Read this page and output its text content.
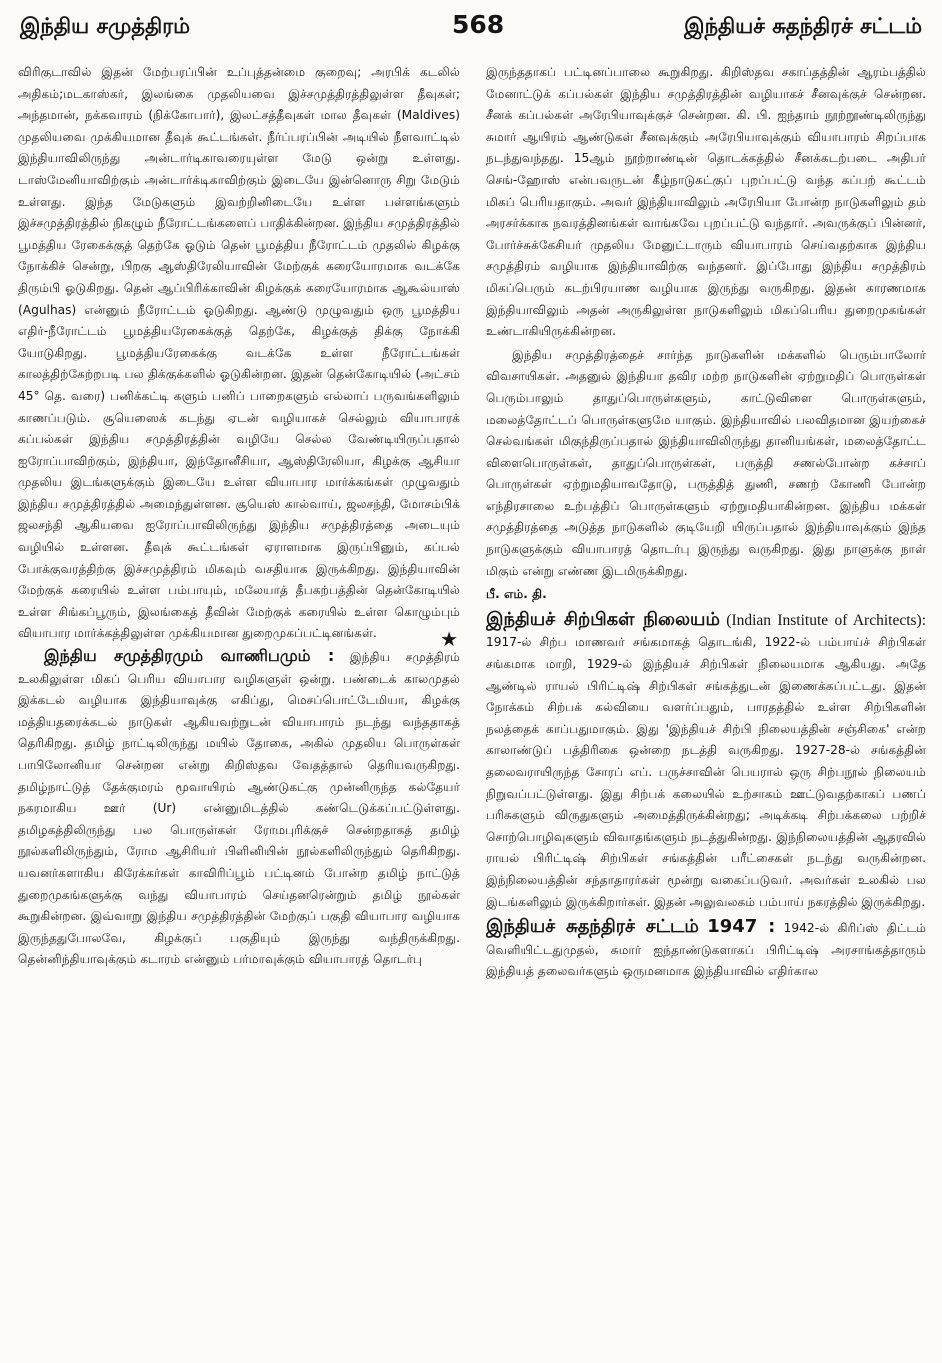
இந்திய சமுத்திரம்	568	இந்தியச் சுதந்திரச் சட்டம்

விரிகுடாவில் இதன் மேற்பரப்பின் உப்புத்தன்மை குறைவு; அரபிக் கடலில் அதிகம்;மடகாஸ்கர், இலங்கை முதலியவை இச்சமுத்திரத்திலுள்ள தீவுகள்; அந்தமான், நக்கவாரம் (நிக்கோபார்), இலட்சத்தீவுகள் மால தீவுகள் (Maldives) முதலியவை முக்கியமான தீவுக் கூட்டங்கள். நீர்ப்பரப்பின் அடியில் நீளவாட்டில் இந்தியாவிலிருந்து அன்டார்டிகாவரையுள்ள மேடு ஒன்று உள்ளது. டாஸ்மேனியாவிற்கும் அன்டார்க்டிகாவிற்கும் இடையே இன்னொரு சிறு மேடும் உள்ளது. இந்த மேடுகளும் இவற்றினிடையே உள்ள பள்ளங்களும் இச்சமுத்திரத்தில் நிகழும் நீரோட்டங்களைப் பாதிக்கின்றன. இந்திய சமுத்திரத்தில் பூமத்திய ரேகைக்குத் தெற்கே ஓடும் தென் பூமத்திய நீரோட்டம் முதலில் கிழக்கு நோக்கிச் சென்று, பிறகு ஆஸ்திரேலியாவின் மேற்குக் கரையோரமாக வடக்கே திரும்பி ஓடுகிறது. தென் ஆப்பிரிக்காவின் கிழக்குக் கரையோரமாக ஆகூல்யாஸ் (Agulhas) என்னும் நீரோட்டம் ஓடுகிறது. ஆண்டு முழுவதும் ஒரு பூமத்திய எதிர்-நீரோட்டம் பூமத்தியரேகைக்குத் தெற்கே, கிழக்குத் திக்கு நோக்கி யோடுகிறது. பூமத்தியரேகைக்கு வடக்கே உள்ள நீரோட்டங்கள் காலத்திற்கேற்றபடி பல திக்குக்களில் ஓடுகின்றன. இதன் தென்கோடியில் (அட்சம் 45° தெ. வரை) பனிக்கட்டி களும் பனிப் பாறைகளும் எல்லாப் பருவங்களிலும் காணப்படும். சூயெஸைக் கடந்து ஏடன் வழியாகச் செல்லும் வியாபாரக் கப்பல்கள் இந்திய சமுத்திரத்தின் வழியே செல்ல வேண்டியிருப்பதால் ஐரோப்பாவிற்கும், இந்தியா, இந்தோனீசியா, ஆஸ்திரேலியா, கிழக்கு ஆசியா முதலிய இடங்களுக்கும் இடையே உள்ள வியாபார மார்க்கங்கள் முழுவதும் இந்திய சமுத்திரத்தில் அமைந்துள்ளன. சூயெஸ் கால்வாய், ஜலசந்தி, மோசம்பிக் ஜலசந்தி ஆகியவை ஐரோப்பாவிலிருந்து இந்திய சமுத்திரத்தை அடையும் வழியில் உள்ளன. தீவுக் கூட்டங்கள் ஏராளமாக இருப்பினும், கப்பல் போக்குவரத்திற்கு இச்சமுத்திரம் மிகவும் வசதியாக இருக்கிறது. இந்தியாவின் மேற்குக் கரையில் உள்ள பம்பாயும், மலேயாத் தீபகற்பத்தின் தென்கோடியில் உள்ள சிங்கப்பூரும், இலங்கைத் தீவின் மேற்குக் கரையில் உள்ள கொழும்பும் வியாபார மார்க்கத்திலுள்ள முக்கியமான துறைமுகப்பட்டினங்கள்.	★

இந்திய சமுத்திரமும் வாணிபமும் : இந்திய சமுத்திரம் உலகிலுள்ள மிகப் பெரிய வியாபார வழிகளுள் ஒன்று. பண்டைக் காலமுதல் இக்கடல் வழியாக இந்தியாவுக்கு எகிப்து, மெசப்பொட்டேமியா, கிழக்கு மத்தியதரைக்கடல் நாடுகள் ஆகியவற்றுடன் வியாபாரம் நடந்து வந்ததாகத் தெரிகிறது. தமிழ் நாட்டிலிருந்து மயில் தோகை, அகில் முதலிய பொருள்கள் பாபிலோனியா சென்றன என்று கிறிஸ்தவ வேதத்தால் தெரியவருகிறது. தமிழ்நாட்டுத் தேக்குமரம் மூவாயிரம் ஆண்டுகட்கு முன்னிருந்த கல்தேயர் நகரமாகிய ஊர் (Ur) என்னுமிடத்தில் கண்டெடுக்கப்பட்டுள்ளது. தமிழகத்திலிருந்து பல பொருள்கள் ரோமபுரிக்குச் சென்றதாகத் தமிழ் நூல்களிலிருந்தும், ரோம ஆசிரியர் பிளினியின் நூல்களிலிருந்தும் தெரிகிறது. யவனர்களாகிய கிரேக்கர்கள் காவிரிப்பூம் பட்டினம் போன்ற தமிழ் நாட்டுத் துறைமுகங்களுக்கு வந்து வியாபாரம் செய்தனரென்றும் தமிழ் நூல்கள் கூறுகின்றன. இவ்வாறு இந்திய சமுத்திரத்தின் மேற்குப் பகுதி வியாபார வழியாக இருந்ததுபோலவே, கிழக்குப் பகுதியும் இருந்து வந்திருக்கிறது. தென்னிந்தியாவுக்கும் கடாரம் என்னும் பர்மாவுக்கும் வியாபாரத் தொடர்பு

இருந்ததாகப் பட்டினப்பாலை கூறுகிறது. கிறிஸ்தவ சகாப்தத்தின் ஆரம்பத்தில் மேனாட்டுக் கப்பல்கள் இந்திய சமுத்திரத்தின் வழியாகச் சீனவுக்குச் சென்றன. சீனக் கப்பல்கள் அரேபியாவுக்குச் சென்றன. கி. பி. ஐந்தாம் நூற்றூண்டிலிருந்து சுமார் ஆயிரம் ஆண்டுகள் சீனவுக்கும் அரேபியாவுக்கும் வியாபாரம் சிறப்பாக நடந்துவந்தது. 15ஆம் நூற்றாண்டின் தொடக்கத்தில் சீனக்கடற்படை அதிபர் செங்-ஹோஸ் என்பவருடன் கீழ்நாடுகட்குப் புறப்பட்டு வந்த கப்பற் கூட்டம் மிகப் பெரியதாகும். அவர் இந்தியாவிலும் அரேபியா போன்ற நாடுகளிலும் தம் அரசர்க்காக நவரத்தினங்கள் வாங்கவே புறப்பட்டு வந்தார். அவருக்குப் பின்னர், போர்ச்சுக்கேசியர் முதலிய மேனுட்டாரும் வியாபாரம் செய்வதற்காக இந்திய சமுத்திரம் வழியாக இந்தியாவிற்கு வந்தனர். இப்போது இந்திய சமுத்திரம் மிகப்பெரும் கடற்பிரயாண வழியாக இருந்து வருகிறது. இதன் காரணமாக இந்தியாவிலும் அதன் அருகிலுள்ள நாடுகளிலும் மிகப்பெரிய துறைமுகங்கள் உண்டாகியிருக்கின்றன.

இந்திய சமுத்திரத்தைச் சார்ந்த நாடுகளின் மக்களில் பெரும்பாலோர் விவசாயிகள். அதனுல் இந்தியா தவிர மற்ற நாடுகளின் ஏற்றுமதிப் பொருள்கள் பெரும்பாலும் தாதுப்பொருள்களும், காட்டுவிளை பொருள்களும், மலைத்தோட்டப் பொருள்களுமே யாகும். இந்தியாவில் பலவிதமான இயற்கைச் செல்வங்கள் மிகுந்திருப்பதால் இந்தியாவிலிருந்து தானியங்கள், மலைத்தோட்ட விளைபொருள்கள், தாதுப்பொருள்கள், பருத்தி சணல்போன்ற கச்சாப் பொருள்கள் ஏற்றுமதியாவதோடு, பருத்தித் துணி, சணற் கோணி போன்ற எந்திரசாலை உற்பத்திப் பொருள்களும் ஏற்றுமதியாகின்றன. இந்திய மக்கள் சமுத்திரத்தை அடுத்த நாடுகளில் குடியேறி யிருப்பதால் இந்தியாவுக்கும் இந்த நாடுகளுக்கும் வியாபாரத் தொடர்பு இருந்து வருகிறது. இது நாளுக்கு நாள் மிகும் என்று எண்ண இடமிருக்கிறது.

பீ. எம். தி.

இந்தியச் சிற்பிகள் நிலையம் (Indian Institute of Architects): 1917-ல் சிற்ப மாணவர் சங்கமாகத் தொடங்கி, 1922-ல் பம்பாய்ச் சிற்பிகள் சங்கமாக மாறி, 1929-ல் இந்தியச் சிற்பிகள் நிலையமாக ஆகியது. அதே ஆண்டில் ராயல் பிரிட்டிஷ் சிற்பிகள் சங்கத்துடன் இணைக்கப்பட்டது. இதன் நோக்கம் சிற்பக் கல்வியை வளர்ப்பதும், பாரதத்தில் உள்ள சிற்பிகளின் நலத்தைக் காப்பதுமாகும். இது 'இந்தியச் சிற்பி நிலையத்தின் சஞ்சிகை' என்ற காலாண்டுப் பத்திரிகை ஒன்றை நடத்தி வருகிறது. 1927-28-ல் சங்கத்தின் தலைவராயிருந்த சோரப் எப். பருச்சாவின் பெயரால் ஒரு சிற்பநூல் நிலையம் நிறுவப்பட்டுள்ளது. இது சிற்பக் கலையில் உற்சாகம் ஊட்டுவதற்காகப் பணப் பரிசுகளும் விருதுகளும் அமைத்திருக்கின்றது; அடிக்கடி சிற்பக்கலை பற்றிச் சொற்பொழிவுகளும் விவாதங்களும் நடத்துகின்றது. இந்நிலையத்தின் ஆதரவில் ராயல் பிரிட்டிஷ் சிற்பிகள் சங்கத்தின் பரீட்சைகள் நடந்து வருகின்றன. இந்நிலையத்தின் சந்தாதாரர்கள் மூன்று வகைப்படுவர். அவர்கள் உலகில் பல இடங்களிலும் இருக்கிறார்கள். இதன் அலுவலகம் பம்பாய் நகரத்தில் இருக்கிறது.

இந்தியச் சுதந்திரச் சட்டம் 1947 : 1942-ல் கிரிப்ஸ் திட்டம் வெளியிட்டதுமுதல், சுமார் ஐந்தாண்டுகளாகப் பிரிட்டிஷ் அரசாங்கத்தாரும் இந்தியத் தலைவர்களும் ஒருமனமாக இந்தியாவில் எதிர்கால
